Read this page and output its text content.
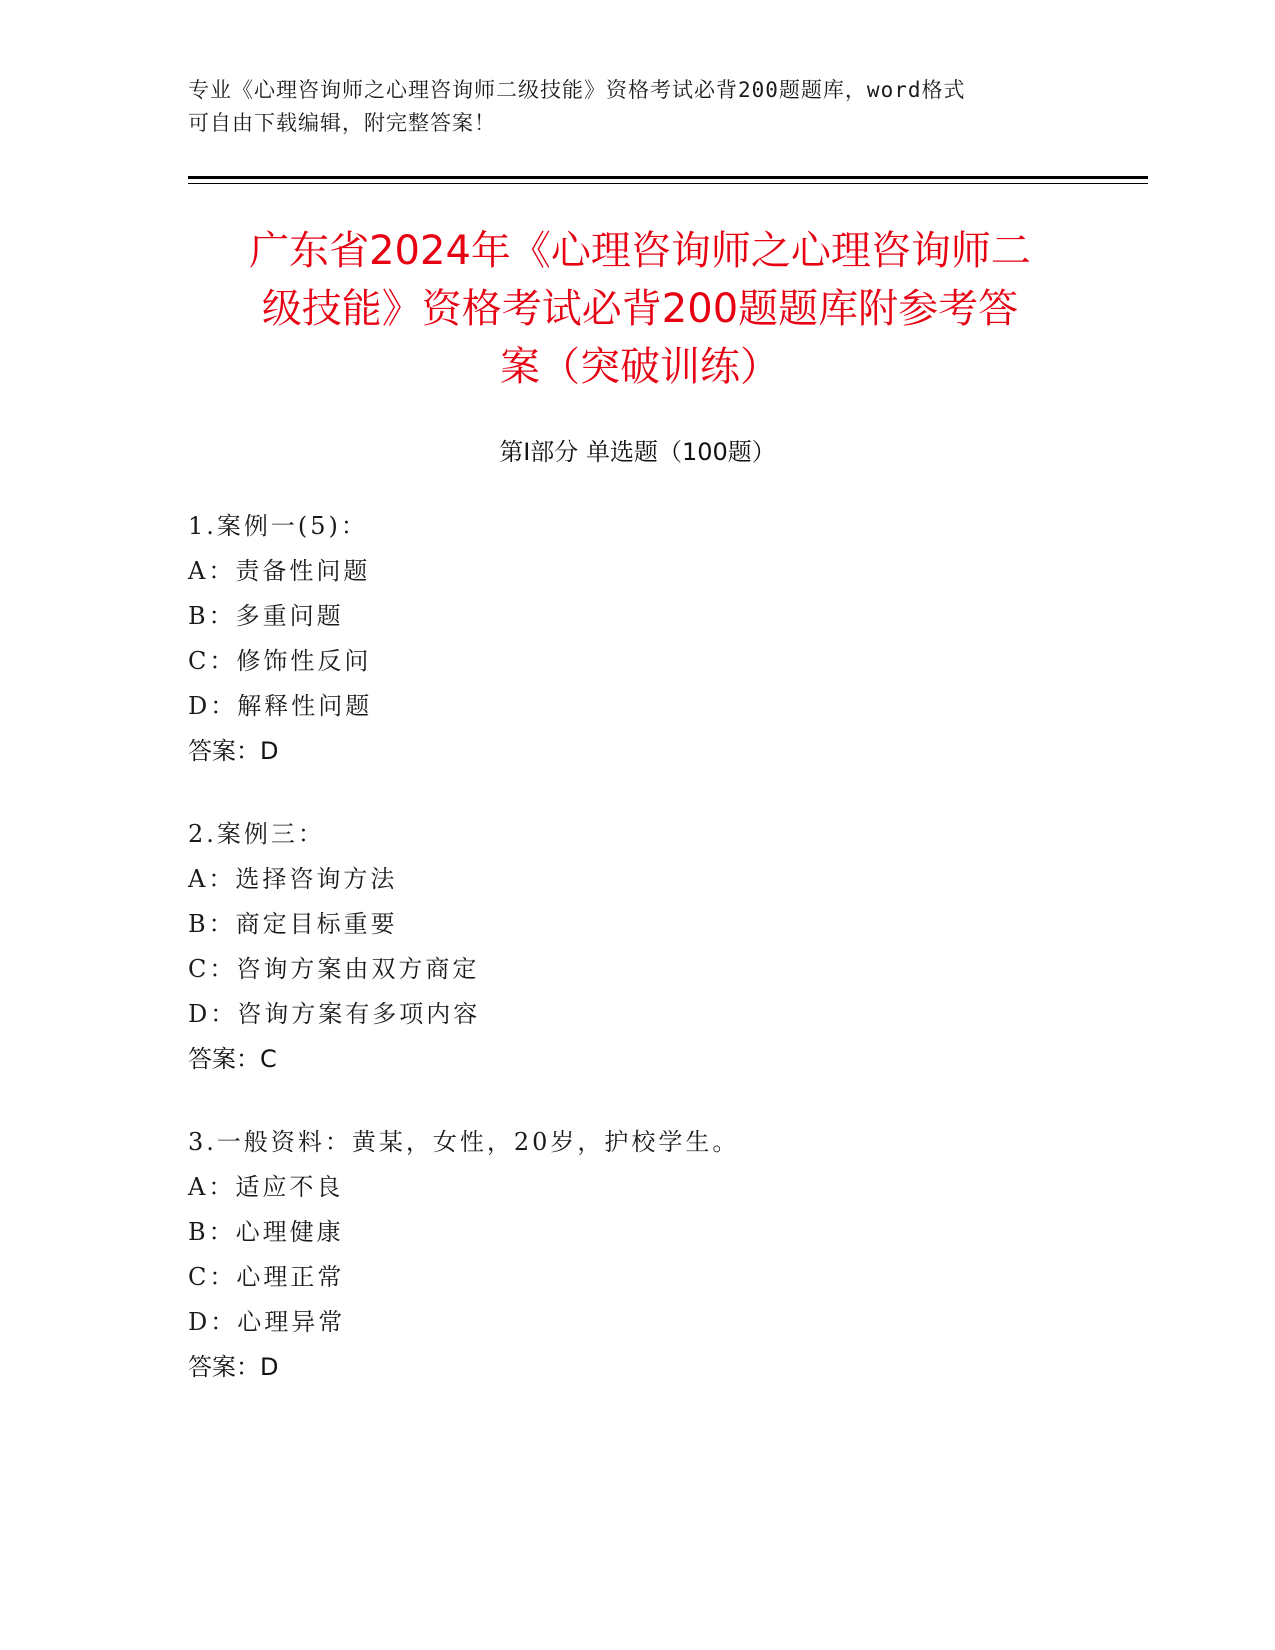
专业《心理咨询师之心理咨询师二级技能》资格考试必背200题题库，word格式
可自由下载编辑，附完整答案！
广东省2024年《心理咨询师之心理咨询师二
级技能》资格考试必背200题题库附参考答
案（突破训练）
第Ⅰ部分 单选题（100题）
1.案例一(5)：
A：责备性问题
B：多重问题
C：修饰性反问
D：解释性问题
答案：D
2.案例三：
A：选择咨询方法
B：商定目标重要
C：咨询方案由双方商定
D：咨询方案有多项内容
答案：C
3.一般资料：黄某，女性，20岁，护校学生。
A：适应不良
B：心理健康
C：心理正常
D：心理异常
答案：D
